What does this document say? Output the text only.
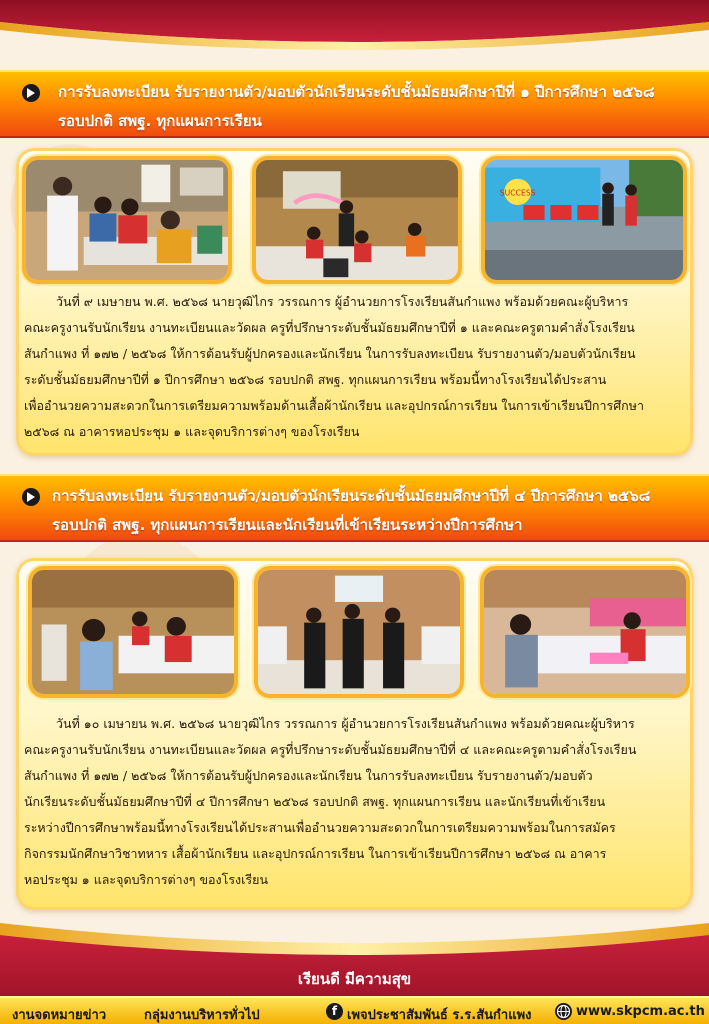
การรับลงทะเบียน รับรายงานตัว/มอบตัวนักเรียนระดับชั้นมัธยมศึกษาปีที่ ๑ ปีการศึกษา ๒๕๖๘
รอบปกติ สพฐ. ทุกแผนการเรียน
SUCCESS
วันที่ ๙ เมษายน พ.ศ. ๒๕๖๘ นายวุฒิไกร วรรณการ ผู้อำนวยการโรงเรียนสันกำแพง พร้อมด้วยคณะผู้บริหาร
คณะครูงานรับนักเรียน งานทะเบียนและวัดผล ครูที่ปรึกษาระดับชั้นมัธยมศึกษาปีที่ ๑ และคณะครูตามคำสั่งโรงเรียน
สันกำแพง ที่ ๑๗๒ / ๒๕๖๘ ให้การต้อนรับผู้ปกครองและนักเรียน ในการรับลงทะเบียน รับรายงานตัว/มอบตัวนักเรียน
ระดับชั้นมัธยมศึกษาปีที่ ๑ ปีการศึกษา ๒๕๖๘ รอบปกติ สพฐ. ทุกแผนการเรียน พร้อมนี้ทางโรงเรียนได้ประสาน
เพื่ออำนวยความสะดวกในการเตรียมความพร้อมด้านเสื้อผ้านักเรียน และอุปกรณ์การเรียน ในการเข้าเรียนปีการศึกษา
๒๕๖๘ ณ อาคารหอประชุม ๑ และจุดบริการต่างๆ ของโรงเรียน
การรับลงทะเบียน รับรายงานตัว/มอบตัวนักเรียนระดับชั้นมัธยมศึกษาปีที่ ๔ ปีการศึกษา ๒๕๖๘
รอบปกติ สพฐ. ทุกแผนการเรียนและนักเรียนที่เข้าเรียนระหว่างปีการศึกษา
วันที่ ๑๐ เมษายน พ.ศ. ๒๕๖๘ นายวุฒิไกร วรรณการ ผู้อำนวยการโรงเรียนสันกำแพง พร้อมด้วยคณะผู้บริหาร
คณะครูงานรับนักเรียน งานทะเบียนและวัดผล ครูที่ปรึกษาระดับชั้นมัธยมศึกษาปีที่ ๔ และคณะครูตามคำสั่งโรงเรียน
สันกำแพง ที่ ๑๗๒ / ๒๕๖๘ ให้การต้อนรับผู้ปกครองและนักเรียน ในการรับลงทะเบียน รับรายงานตัว/มอบตัว
นักเรียนระดับชั้นมัธยมศึกษาปีที่ ๔ ปีการศึกษา ๒๕๖๘ รอบปกติ สพฐ. ทุกแผนการเรียน และนักเรียนที่เข้าเรียน
ระหว่างปีการศึกษาพร้อมนี้ทางโรงเรียนได้ประสานเพื่ออำนวยความสะดวกในการเตรียมความพร้อมในการสมัคร
กิจกรรมนักศึกษาวิชาทหาร เสื้อผ้านักเรียน และอุปกรณ์การเรียน ในการเข้าเรียนปีการศึกษา ๒๕๖๘ ณ อาคาร
หอประชุม ๑ และจุดบริการต่างๆ ของโรงเรียน
เรียนดี มีความสุข
งานจดหมายข่าว	กลุ่มงานบริหารทั่วไป	f เพจประชาสัมพันธ์ ร.ร.สันกำแพง	www.skpcm.ac.th
